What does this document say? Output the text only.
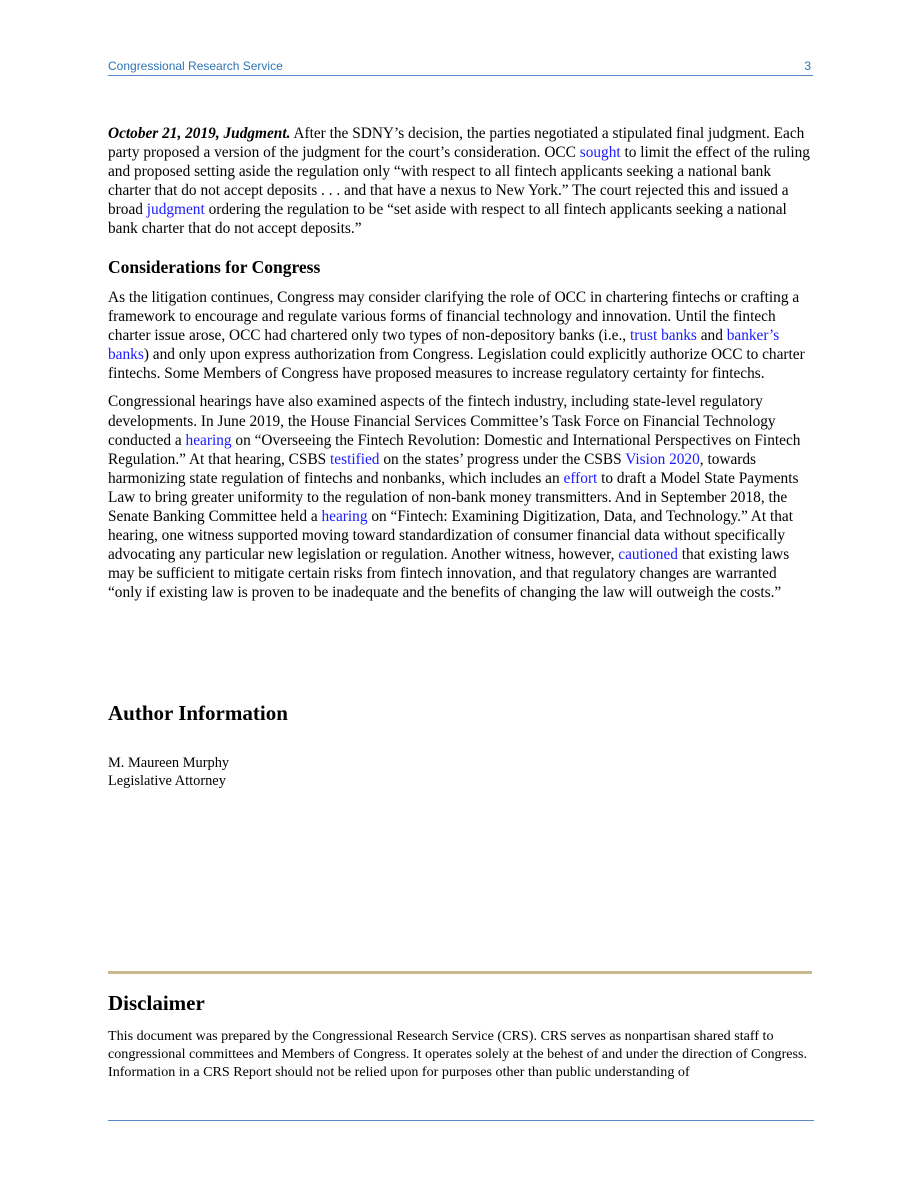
Congressional Research Service	3

October 21, 2019, Judgment. After the SDNY’s decision, the parties negotiated a stipulated final judgment. Each party proposed a version of the judgment for the court’s consideration. OCC sought to limit the effect of the ruling and proposed setting aside the regulation only “with respect to all fintech applicants seeking a national bank charter that do not accept deposits . . . and that have a nexus to New York.” The court rejected this and issued a broad judgment ordering the regulation to be “set aside with respect to all fintech applicants seeking a national bank charter that do not accept deposits.”

Considerations for Congress

As the litigation continues, Congress may consider clarifying the role of OCC in chartering fintechs or crafting a framework to encourage and regulate various forms of financial technology and innovation. Until the fintech charter issue arose, OCC had chartered only two types of non-depository banks (i.e., trust banks and banker’s banks) and only upon express authorization from Congress. Legislation could explicitly authorize OCC to charter fintechs. Some Members of Congress have proposed measures to increase regulatory certainty for fintechs.

Congressional hearings have also examined aspects of the fintech industry, including state-level regulatory developments. In June 2019, the House Financial Services Committee’s Task Force on Financial Technology conducted a hearing on “Overseeing the Fintech Revolution: Domestic and International Perspectives on Fintech Regulation.” At that hearing, CSBS testified on the states’ progress under the CSBS Vision 2020, towards harmonizing state regulation of fintechs and nonbanks, which includes an effort to draft a Model State Payments Law to bring greater uniformity to the regulation of non-bank money transmitters. And in September 2018, the Senate Banking Committee held a hearing on “Fintech: Examining Digitization, Data, and Technology.” At that hearing, one witness supported moving toward standardization of consumer financial data without specifically advocating any particular new legislation or regulation. Another witness, however, cautioned that existing laws may be sufficient to mitigate certain risks from fintech innovation, and that regulatory changes are warranted “only if existing law is proven to be inadequate and the benefits of changing the law will outweigh the costs.”

Author Information
M. Maureen Murphy
Legislative Attorney
Disclaimer

This document was prepared by the Congressional Research Service (CRS). CRS serves as nonpartisan shared staff to congressional committees and Members of Congress. It operates solely at the behest of and under the direction of Congress. Information in a CRS Report should not be relied upon for purposes other than public understanding of
